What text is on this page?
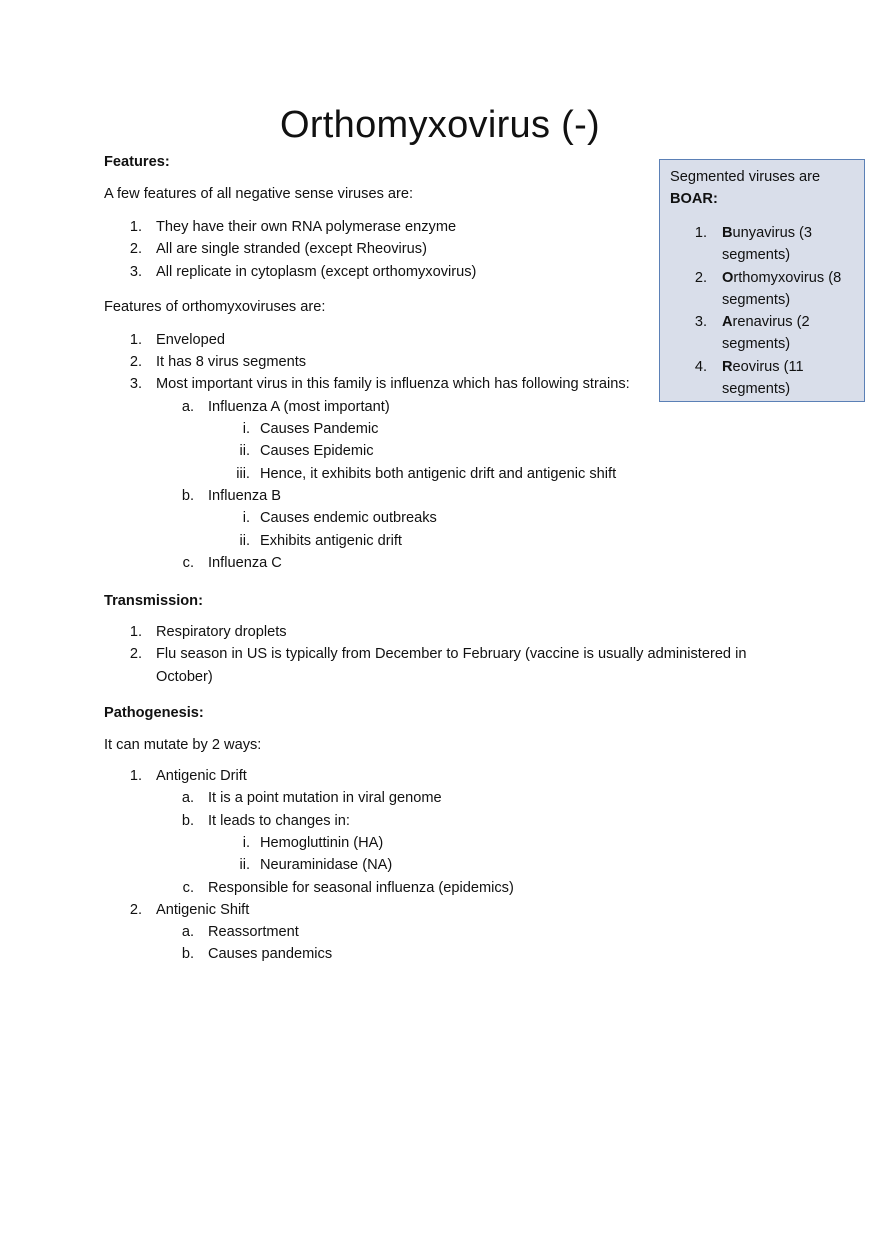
Orthomyxovirus (-)

Features:

A few features of all negative sense viruses are:

1. They have their own RNA polymerase enzyme
2. All are single stranded (except Rheovirus)
3. All replicate in cytoplasm (except orthomyxovirus)

Features of orthomyxoviruses are:

1. Enveloped
2. It has 8 virus segments
3. Most important virus in this family is influenza which has following strains:
a. Influenza A (most important)
i. Causes Pandemic
ii. Causes Epidemic
iii. Hence, it exhibits both antigenic drift and antigenic shift
b. Influenza B
i. Causes endemic outbreaks
ii. Exhibits antigenic drift
c. Influenza C

Transmission:

1. Respiratory droplets
2. Flu season in US is typically from December to February (vaccine is usually administered in October)

Pathogenesis:

It can mutate by 2 ways:

1. Antigenic Drift
a. It is a point mutation in viral genome
b. It leads to changes in:
i. Hemogluttinin (HA)
ii. Neuraminidase (NA)
c. Responsible for seasonal influenza (epidemics)
2. Antigenic Shift
a. Reassortment
b. Causes pandemics

Segmented viruses are
BOAR:

1. Bunyavirus (3 segments)
2. Orthomyxovirus (8 segments)
3. Arenavirus (2 segments)
4. Reovirus (11 segments)
